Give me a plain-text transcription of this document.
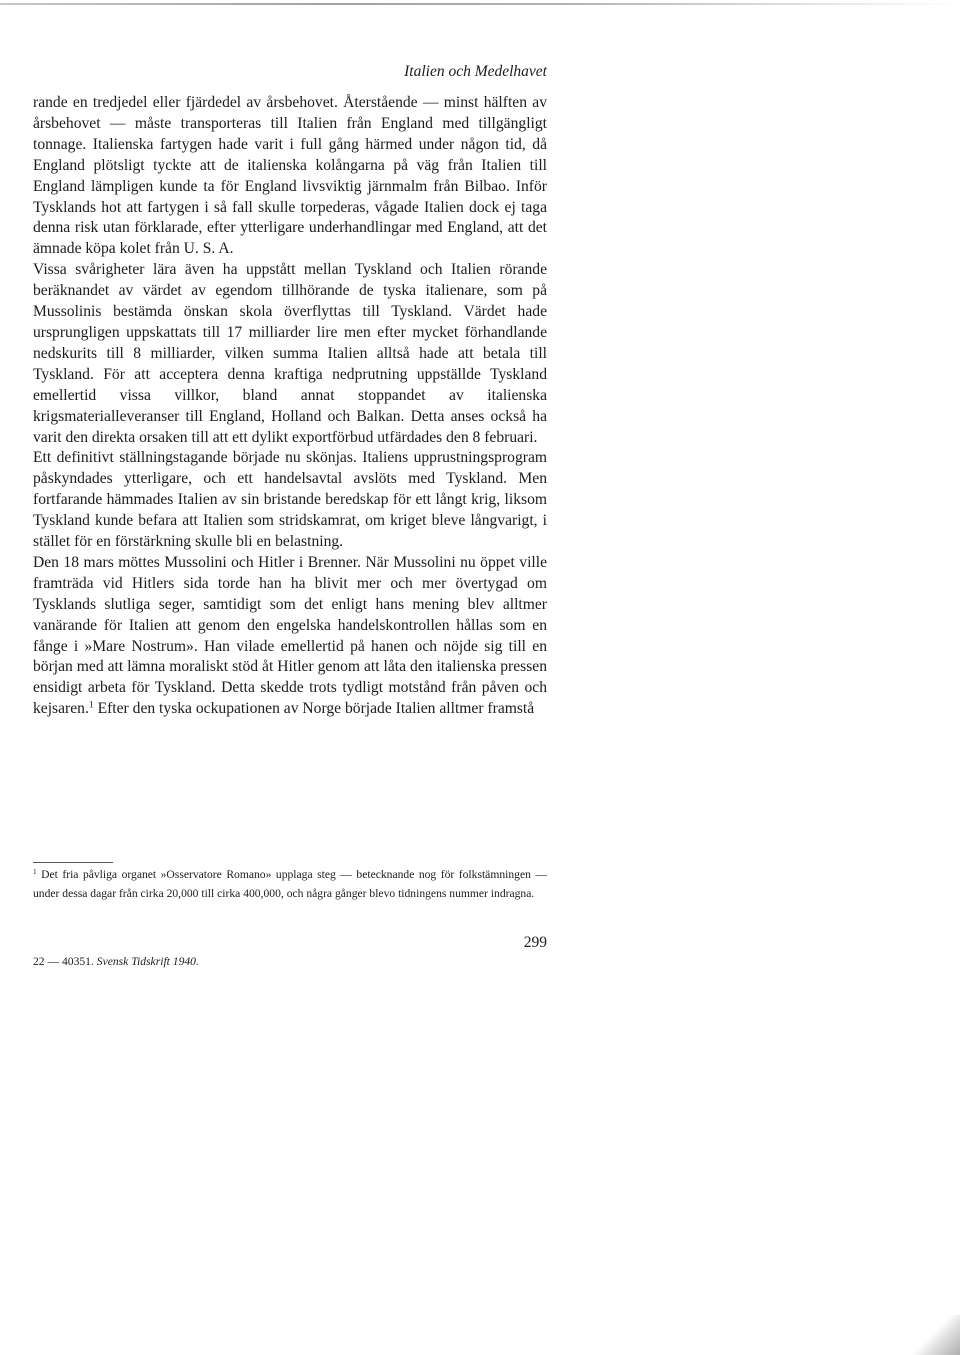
Italien och Medelhavet

rande en tredjedel eller fjärdedel av årsbehovet. Återstående — minst hälften av årsbehovet — måste transporteras till Italien från England med tillgängligt tonnage. Italienska fartygen hade varit i full gång härmed under någon tid, då England plötsligt tyckte att de italienska kolångarna på väg från Italien till England lämpligen kunde ta för England livsviktig järnmalm från Bilbao. Inför Tysklands hot att fartygen i så fall skulle torpederas, vågade Italien dock ej taga denna risk utan förklarade, efter ytterligare underhandlingar med England, att det ämnade köpa kolet från U. S. A.

Vissa svårigheter lära även ha uppstått mellan Tyskland och Italien rörande beräknandet av värdet av egendom tillhörande de tyska italienare, som på Mussolinis bestämda önskan skola överflyttas till Tyskland. Värdet hade ursprungligen uppskattats till 17 milliarder lire men efter mycket förhandlande nedskurits till 8 milliarder, vilken summa Italien alltså hade att betala till Tyskland. För att acceptera denna kraftiga nedprutning uppställde Tyskland emellertid vissa villkor, bland annat stoppandet av italienska krigsmaterialleveranser till England, Holland och Balkan. Detta anses också ha varit den direkta orsaken till att ett dylikt exportförbud utfärdades den 8 februari.

Ett definitivt ställningstagande började nu skönjas. Italiens upprustningsprogram påskyndades ytterligare, och ett handelsavtal avslöts med Tyskland. Men fortfarande hämmades Italien av sin bristande beredskap för ett långt krig, liksom Tyskland kunde befara att Italien som stridskamrat, om kriget bleve långvarigt, i stället för en förstärkning skulle bli en belastning.

Den 18 mars möttes Mussolini och Hitler i Brenner. När Mussolini nu öppet ville framträda vid Hitlers sida torde han ha blivit mer och mer övertygad om Tysklands slutliga seger, samtidigt som det enligt hans mening blev alltmer vanärande för Italien att genom den engelska handelskontrollen hållas som en fånge i »Mare Nostrum». Han vilade emellertid på hanen och nöjde sig till en början med att lämna moraliskt stöd åt Hitler genom att låta den italienska pressen ensidigt arbeta för Tyskland. Detta skedde trots tydligt motstånd från påven och kejsaren.$^1$ Efter den tyska ockupationen av Norge började Italien alltmer framstå

$^1$ Det fria påvliga organet »Osservatore Romano» upplaga steg — betecknande nog för folkstämningen — under dessa dagar från cirka 20,000 till cirka 400,000, och några gånger blevo tidningens nummer indragna.

299
22 — 40351. Svensk Tidskrift 1940.
